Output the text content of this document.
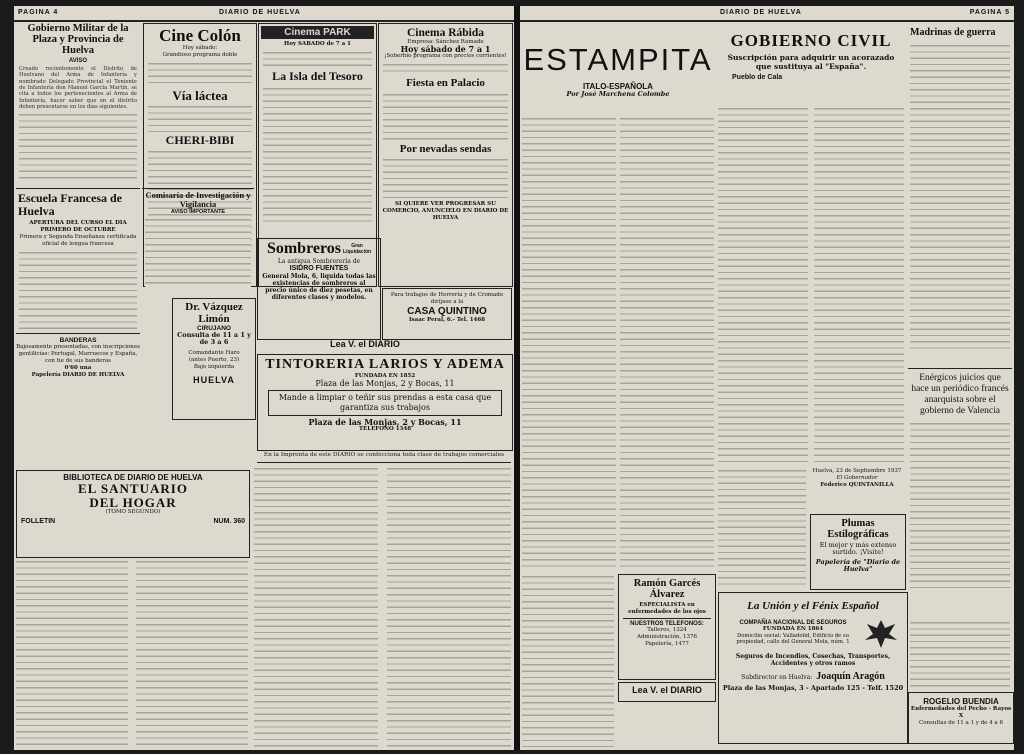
PAGINA 4	DIARIO DE HUELVA

Gobierno Militar de la Plaza y Provincia de Huelva

AVISO

Creado recientemente el Distrito de Huelvano del Arma de Infantería y nombrado Delegado Provincial el Teniente de Infantería don Manuel García Martín, se cita a todos los pertenecientes al Arma de Infantería, hacer saber que en el distrito deben presentarse en los días siguientes.

Cine Colón

Hoy sábado:

Grandioso programa doble

Vía láctea

CHERI-BIBI

Cinema PARK

Hoy SABADO de 7 a 1

La Isla del Tesoro

Cinema Rábida

Empresa: Sánchez Ramade

Hoy sábado de 7 a 1

¡Soberbio programa con precios corrientes!

Fiesta en Palacio

Por nevadas sendas

SI QUIERE VER PROGRESAR SU COMERCIO, ANUNCIELO EN DIARIO DE HUELVA

Escuela Francesa de Huelva

APERTURA DEL CURSO EL DIA PRIMERO DE OCTUBRE

Primera y Segunda Enseñanza certificada oficial de lengua francesa

BANDERAS

Bajosamente presentadas, con inscripciones gentilicias: Portugal, Marruecos y España, con tie de sus banderas

0'60 una

Papelería DIARIO DE HUELVA

Comisaría de Investigación y Vigilancia

AVISO IMPORTANTE

Dr. Vázquez Limón

CIRUJANO

Consulta de 11 a 1 y de 3 a 6

Comandante Haro

(antes Puerto, 23)

Bajo izquierda

HUELVA

Sombreros	Gran Liquidación

La antigua Sombrerería de

ISIDRO FUENTES

General Mola, 6, liquida todas las existencias de sombreros al precio único de diez pesetas, en diferentes clases y modelos.	Para trabajos de Herrería y de Cromado diríjase a la

CASA QUINTINO

Isaac Peral, 6.- Tel. 1468

Lea V. el DIARIO

TINTORERIA LARIOS Y ADEMA

FUNDADA EN 1852

Plaza de las Monjas, 2 y Bocas, 11

Mande a limpiar o teñir sus prendas a esta casa que garantiza sus trabajos

Plaza de las Monjas, 2 y Bocas, 11

TELEFONO 1348

En la Imprenta de este DIARIO se confecciona toda clase de trabajos comerciales

BIBLIOTECA DE DIARIO DE HUELVA

EL SANTUARIO

DEL HOGAR

(TOMO SEGUNDO)

FOLLETIN	NUM. 360
DIARIO DE HUELVA	PAGINA 5

ESTAMPITA

ITALO-ESPAÑOLA

Por José Marchena Colombe

Ramón Garcés

Álvarez

ESPECIALISTA en enfermedades de los ojos

NUESTROS TELEFONOS:

Talleres, 1324

Administración, 1376

Papelería, 1477

Lea V. el DIARIO

GOBIERNO CIVIL

Suscripción para adquirir un acorazado que sustituya al "España".

Pueblo de Cala

Huelva, 23 de Septiembre 1937

El Gobernador

Federico QUINTANILLA

Plumas Estilográficas

El mejor y más extenso surtido. ¡Visite!

Papelería de "Diario de Huelva"

Madrinas de guerra

Enérgicos juicios que hace un periódico francés anarquista sobre el gobierno de Valencia

La Unión y el Fénix Español

COMPAÑIA NACIONAL DE SEGUROS

FUNDADA EN 1864

Domicilio social: Valladolid, Edificio de su propiedad, calle del General Mola, núm. 1

Seguros de Incendios, Cosechas, Transportes, Accidentes y otros ramos

Subdirector en Huelva: Joaquín Aragón

Plaza de las Monjas, 3 - Apartado 125 - Telf. 1520

ROGELIO BUENDIA

Enfermedades del Pecho - Rayos X

Consultas de 11 a 1 y de 4 a 6
